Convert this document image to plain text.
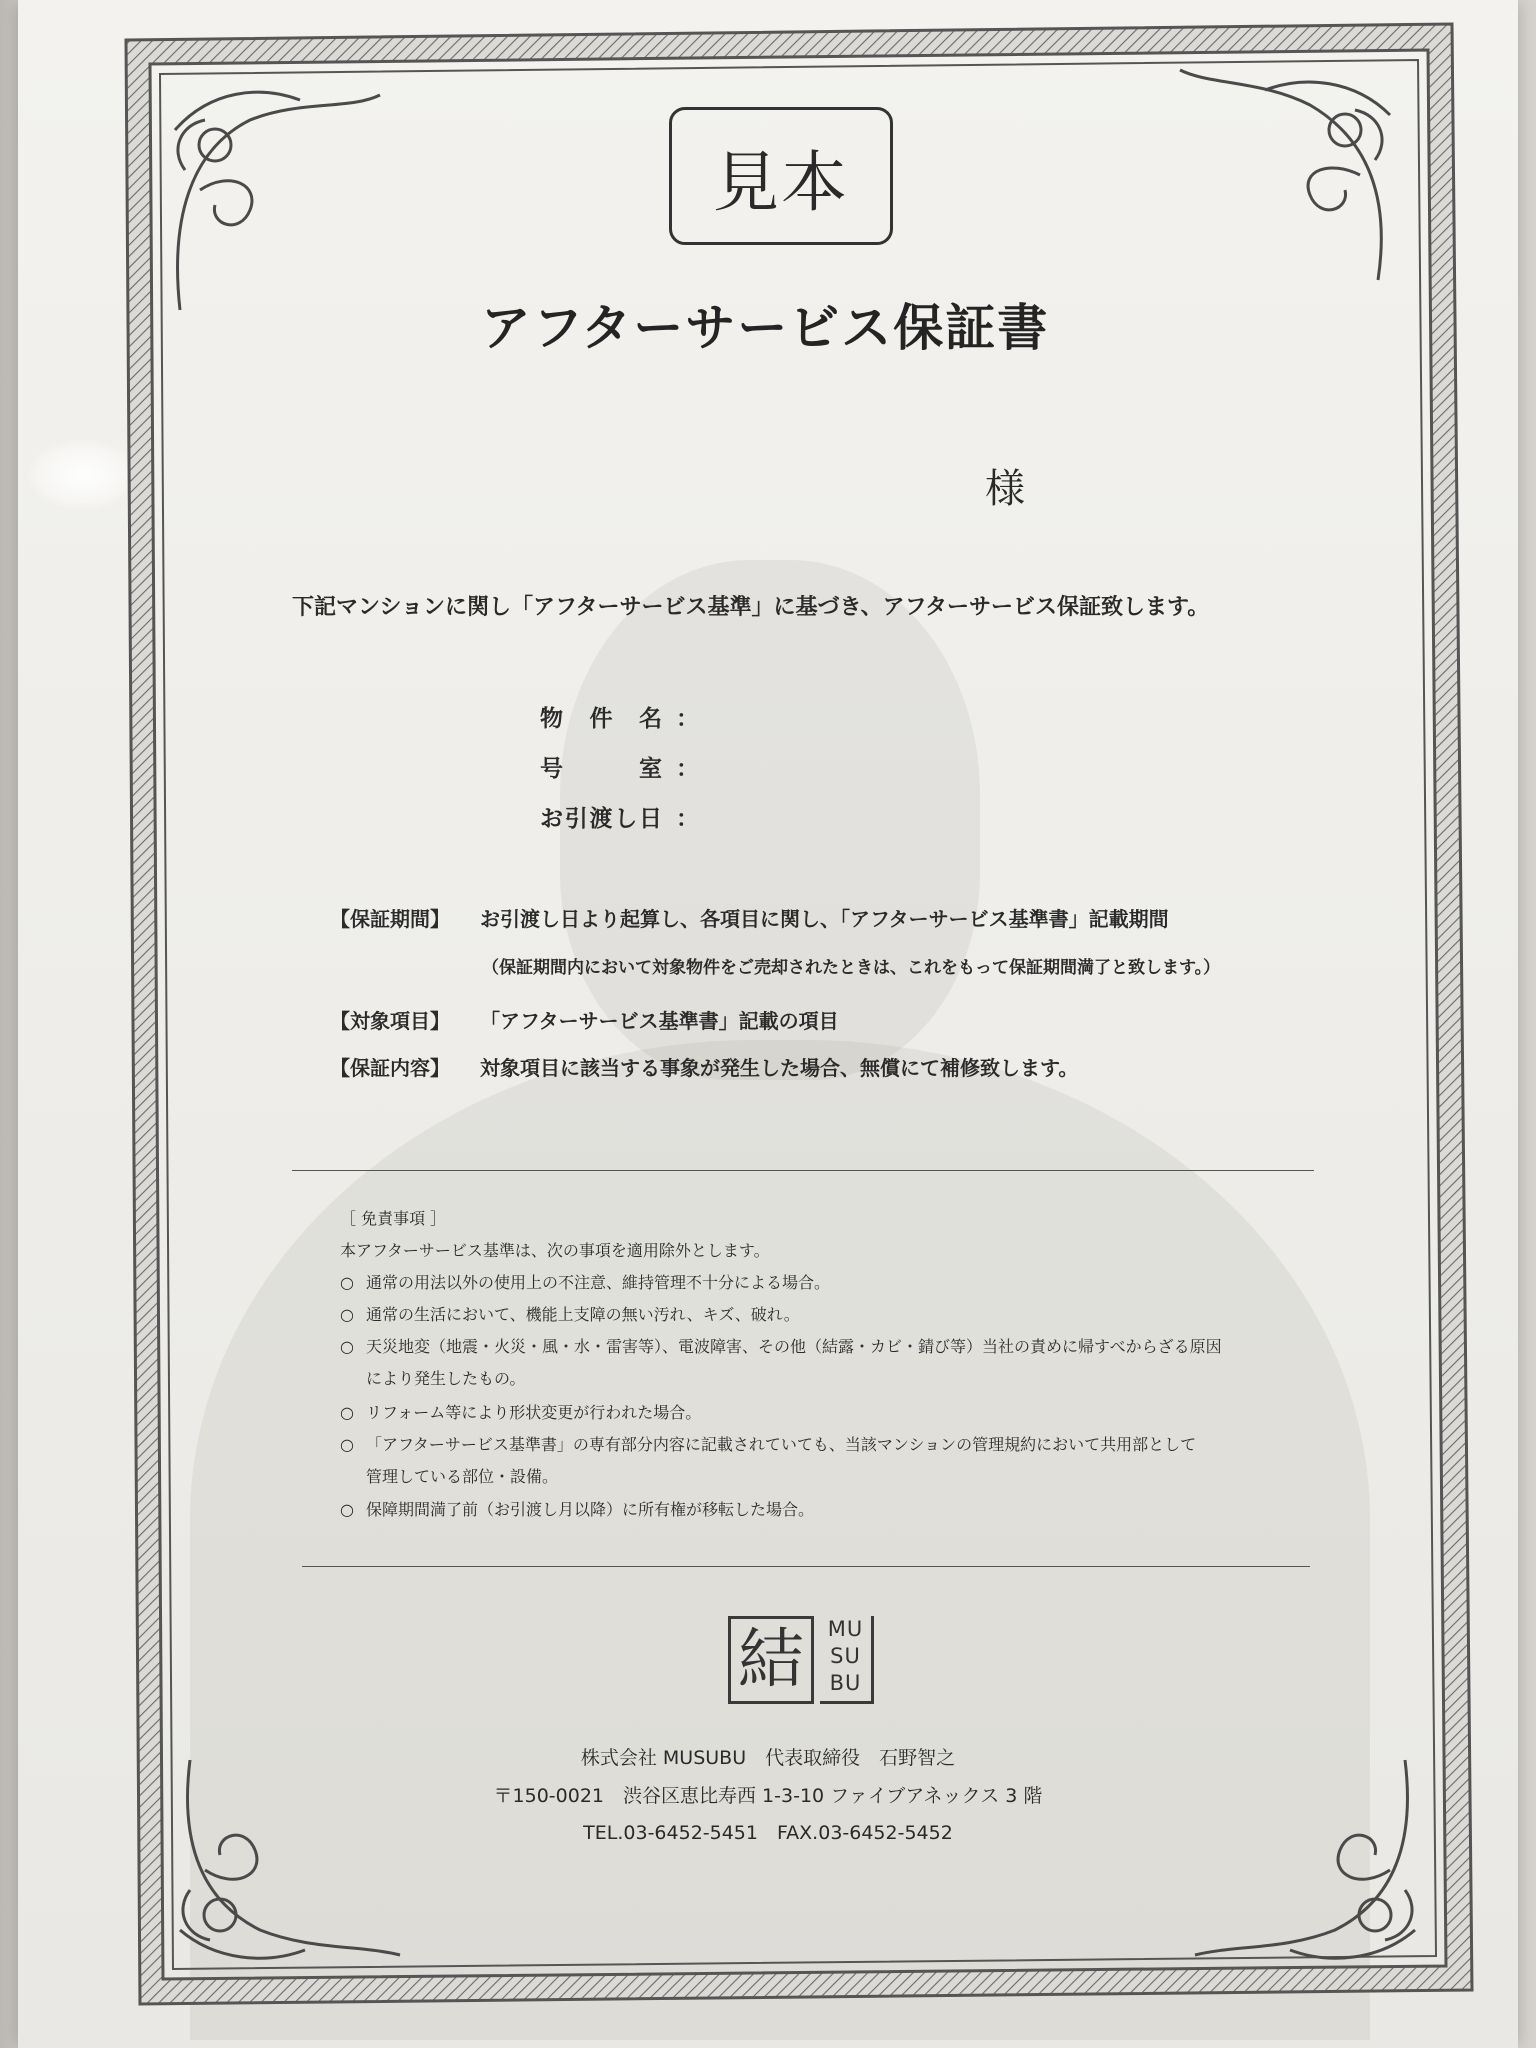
見本
アフターサービス保証書
様
下記マンションに関し「アフターサービス基準」に基づき、アフターサービス保証致します。
物件名 ：
号室 ：
お引渡し日 ：
【保証期間】 お引渡し日より起算し、各項目に関し、「アフターサービス基準書」記載期間
（保証期間内において対象物件をご売却されたときは、これをもって保証期間満了と致します。）
【対象項目】 「アフターサービス基準書」記載の項目
【保証内容】 対象項目に該当する事象が発生した場合、無償にて補修致します。
［ 免責事項 ］
本アフターサービス基準は、次の事項を適用除外とします。
○ 通常の用法以外の使用上の不注意、維持管理不十分による場合。
○ 通常の生活において、機能上支障の無い汚れ、キズ、破れ。
○ 天災地変（地震・火災・風・水・雷害等）、電波障害、その他（結露・カビ・錆び等）当社の責めに帰すべからざる原因
により発生したもの。
○ リフォーム等により形状変更が行われた場合。
○ 「アフターサービス基準書」の専有部分内容に記載されていても、当該マンションの管理規約において共用部として
管理している部位・設備。
○ 保障期間満了前（お引渡し月以降）に所有権が移転した場合。
結	MU
SU
BU
株式会社 MUSUBU　代表取締役　石野智之
〒150-0021　渋谷区恵比寿西 1-3-10 ファイブアネックス 3 階
TEL.03-6452-5451　FAX.03-6452-5452
